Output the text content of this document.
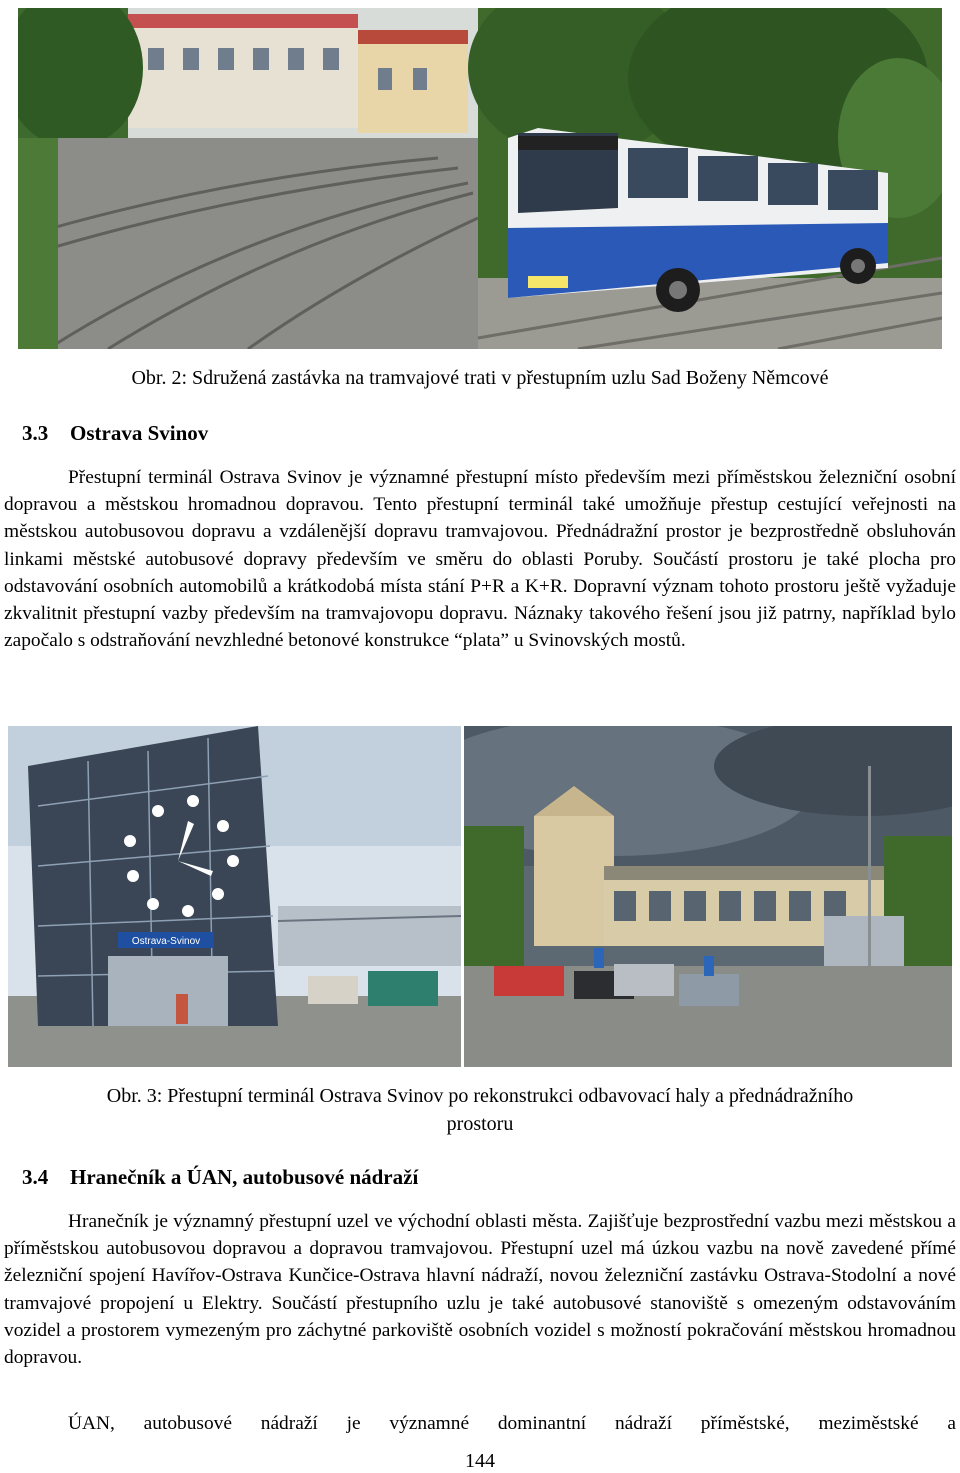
Obr. 2: Sdružená zastávka na tramvajové trati v přestupním uzlu Sad Boženy Němcové
3.3 Ostrava Svinov
Přestupní terminál Ostrava Svinov je významné přestupní místo především mezi příměstskou železniční osobní dopravou a městskou hromadnou dopravou. Tento přestupní terminál také umožňuje přestup cestující veřejnosti na městskou autobusovou dopravu a vzdálenější dopravu tramvajovou. Přednádražní prostor je bezprostředně obsluhován linkami městské autobusové dopravy především ve směru do oblasti Poruby. Součástí prostoru je také plocha pro odstavování osobních automobilů a krátkodobá místa stání P+R a K+R. Dopravní význam tohoto prostoru ještě vyžaduje zkvalitnit přestupní vazby především na tramvajovopu dopravu. Náznaky takového řešení jsou již patrny, například bylo započalo s odstraňování nevzhledné betonové konstrukce “plata” u Svinovských mostů.
Ostrava-Svinov
Obr. 3: Přestupní terminál Ostrava Svinov po rekonstrukci odbavovací haly a přednádražního
prostoru
3.4 Hranečník a ÚAN, autobusové nádraží
Hranečník je významný přestupní uzel ve východní oblasti města. Zajišťuje bezprostřední vazbu mezi městskou a příměstskou autobusovou dopravou a dopravou tramvajovou. Přestupní uzel má úzkou vazbu na nově zavedené přímé železniční spojení Havířov-Ostrava Kunčice-Ostrava hlavní nádraží, novou železniční zastávku Ostrava-Stodolní a nové tramvajové propojení u Elektry. Součástí přestupního uzlu je také autobusové stanoviště s omezeným odstavováním vozidel a prostorem vymezeným pro záchytné parkoviště osobních vozidel s možností pokračování městskou hromadnou dopravou.
ÚAN, autobusové nádraží je významné dominantní nádraží příměstské, meziměstské a
144
